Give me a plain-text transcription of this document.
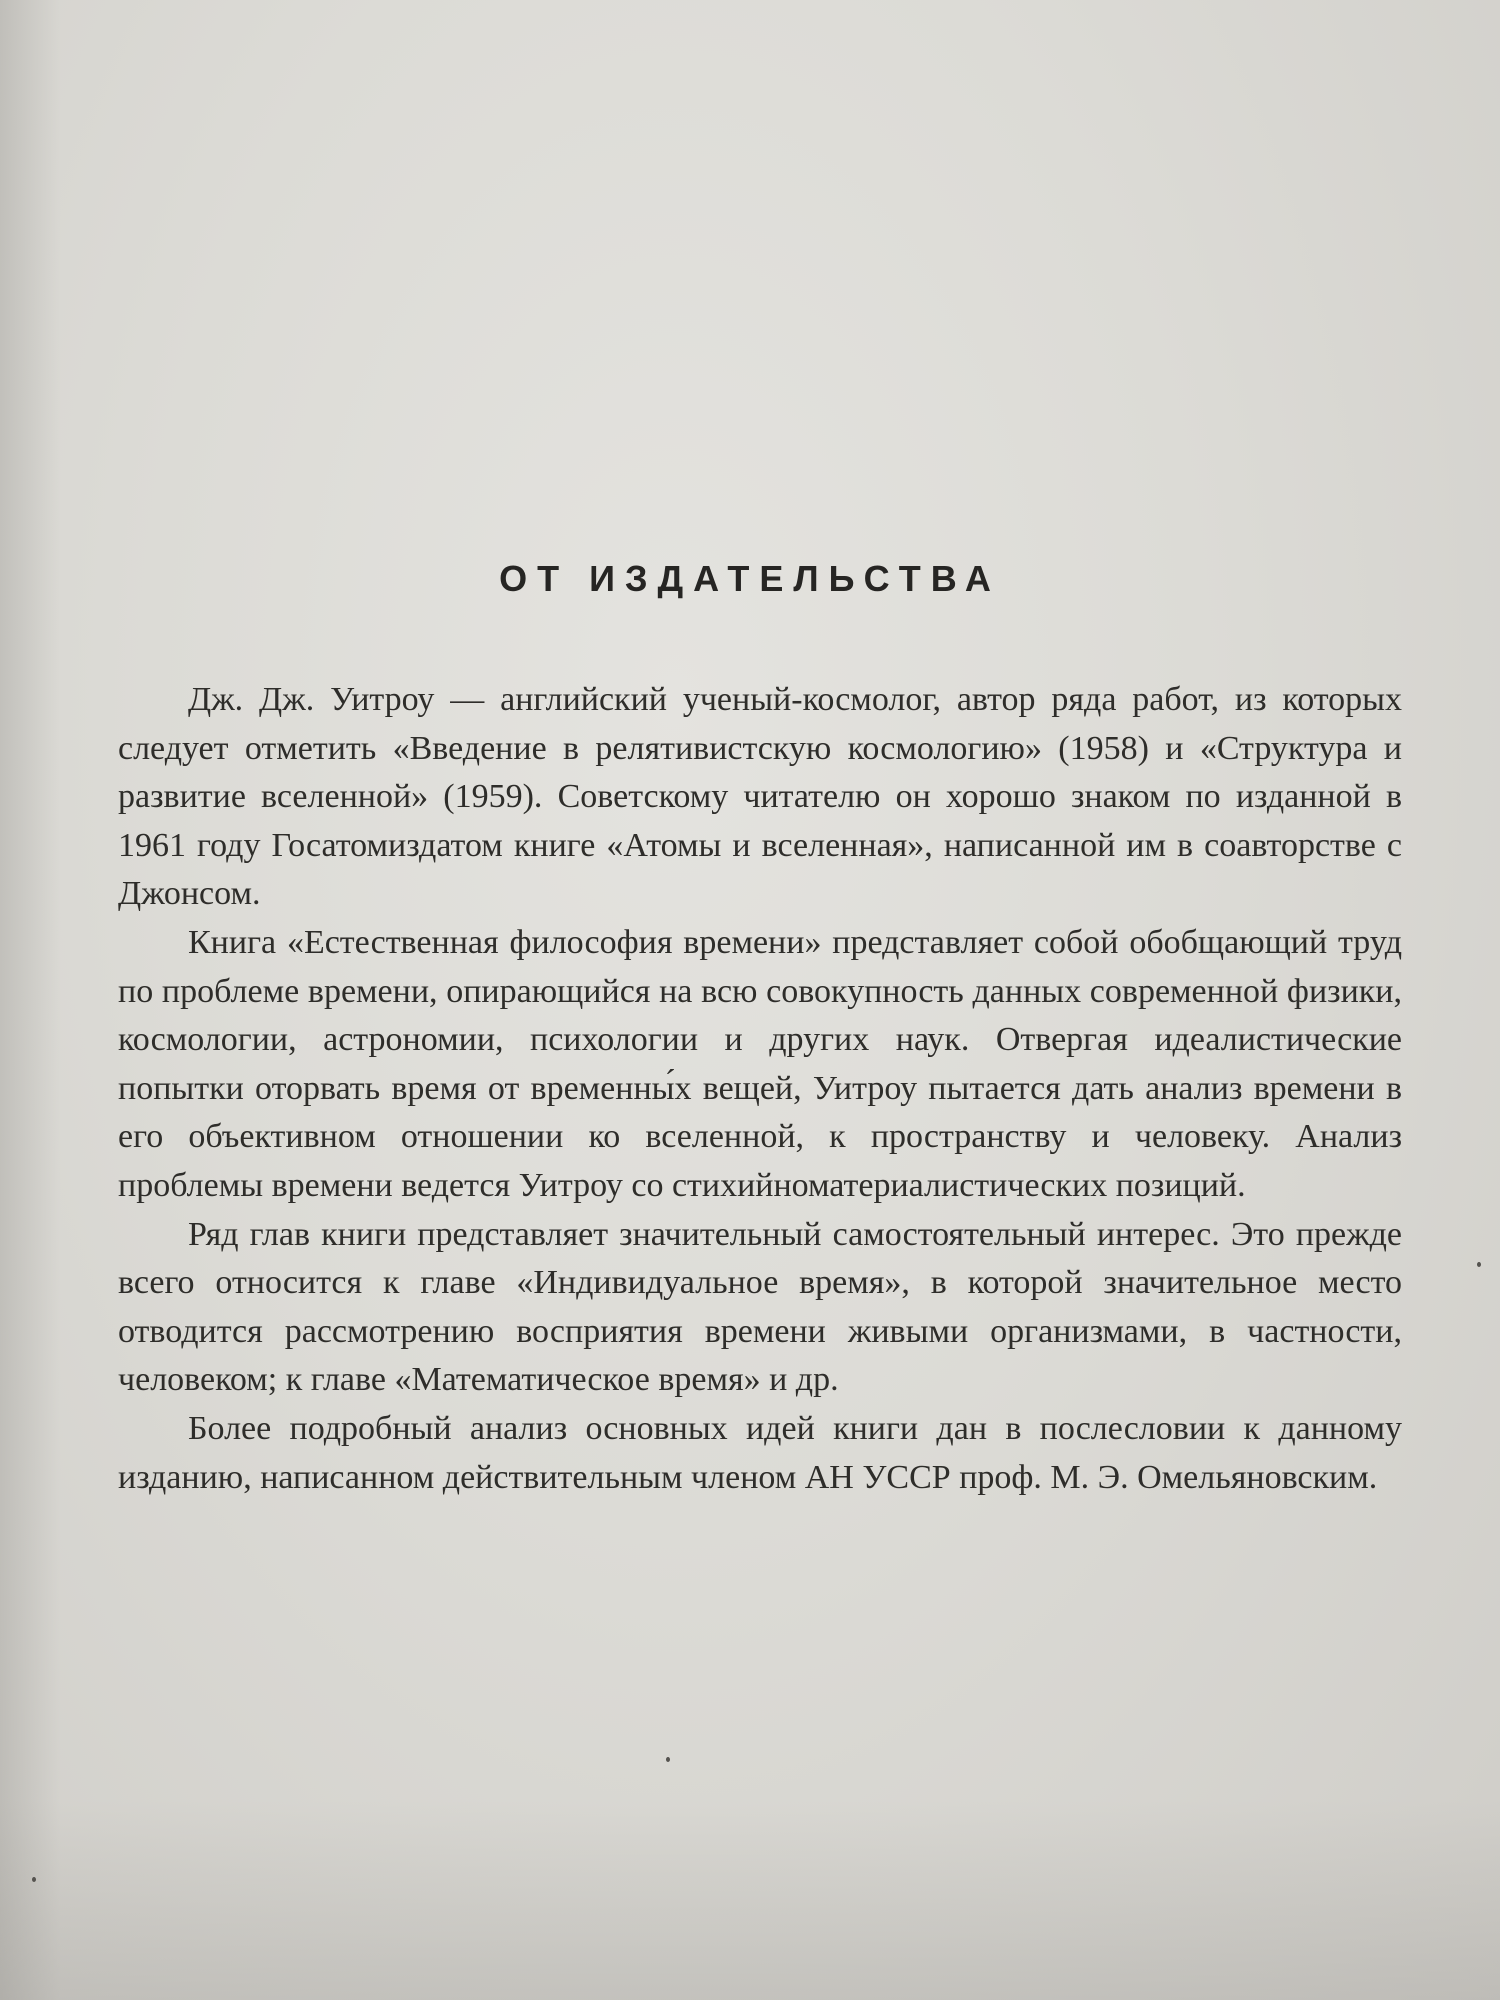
ОТ ИЗДАТЕЛЬСТВА

Дж. Дж. Уитроу — английский ученый-космолог, автор ряда работ, из которых следует отметить «Введение в релятивистскую космологию» (1958) и «Структура и развитие вселенной» (1959). Советскому читателю он хорошо знаком по изданной в 1961 году Госатомиздатом книге «Атомы и вселенная», написанной им в соавторстве с Джонсом.

Книга «Естественная философия времени» представляет собой обобщающий труд по проблеме времени, опирающийся на всю совокупность данных современной физики, космологии, астрономии, психологии и других наук. Отвергая идеалистические попытки оторвать время от временны́х вещей, Уитроу пытается дать анализ времени в его объективном отношении ко вселенной, к пространству и человеку. Анализ проблемы времени ведется Уитроу со стихийноматериалистических позиций.

Ряд глав книги представляет значительный самостоятельный интерес. Это прежде всего относится к главе «Индивидуальное время», в которой значительное место отводится рассмотрению восприятия времени живыми организмами, в частности, человеком; к главе «Математическое время» и др.

Более подробный анализ основных идей книги дан в послесловии к данному изданию, написанном действительным членом АН УССР проф. М. Э. Омельяновским.
